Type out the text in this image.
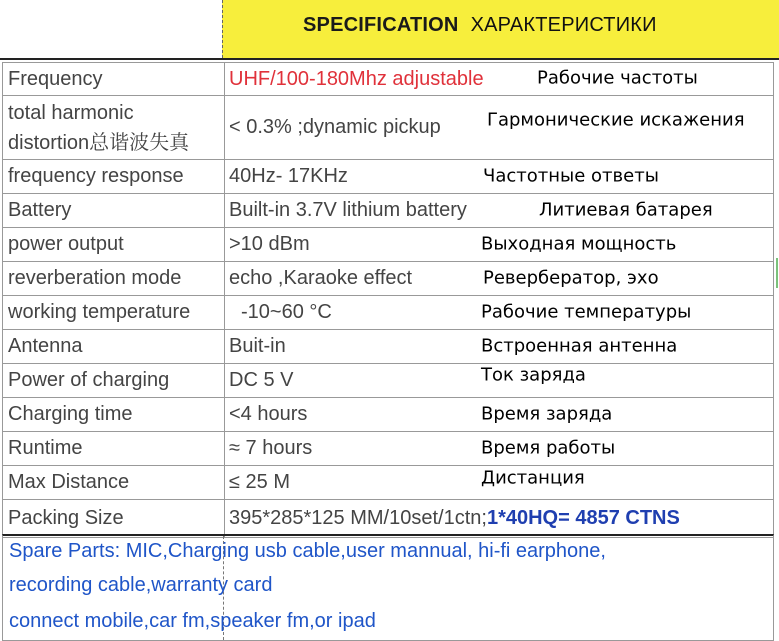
SPECIFICATION ХАРАКТЕРИСТИКИ
Frequency	UHF/100-180Mhz adjustable Рабочие частоты

total harmonic
distortion总谐波失真	< 0.3% ;dynamic pickup Гармонические искажения

frequency response	40Hz- 17KHz Частотные ответы

Battery	Built-in 3.7V lithium battery Литиевая батарея

power output	>10 dBm Выходная мощность

reverberation mode	echo ,Karaoke effect Ревербератор, эхо

working temperature	-10~60 °C Рабочие температуры

Antenna	Buit-in Встроенная антенна

Power of charging	DC 5 V Ток заряда

Charging time	<4 hours Время заряда

Runtime	≈ 7 hours Время работы

Max Distance	≤ 25 M Дистанция

Packing Size	395*285*125 MM/10set/1ctn;1*40HQ= 4857 CTNS
Spare Parts: MIC,Charging usb cable,user mannual, hi-fi earphone,
recording cable,warranty card
connect mobile,car fm,speaker fm,or ipad
